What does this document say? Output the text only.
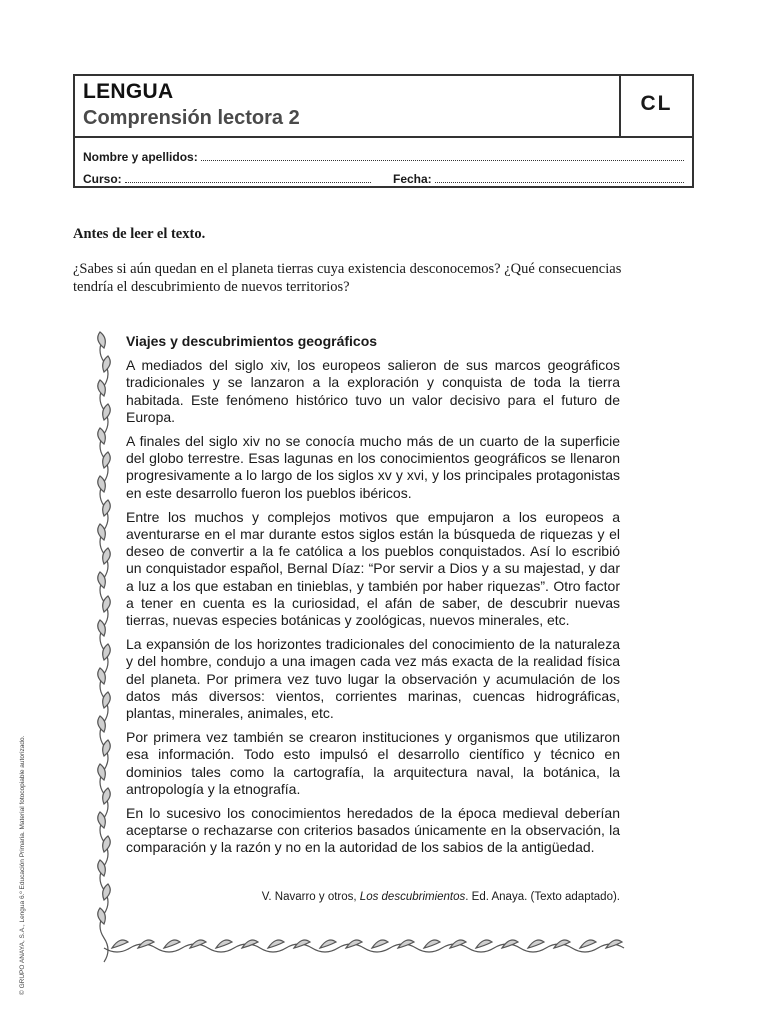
© GRUPO ANAYA, S.A., Lengua 6.º Educación Primaria. Material fotocopiable autorizado.
LENGUA
Comprensión lectora 2
CL
Nombre y apellidos:
Curso:	Fecha:
Antes de leer el texto.
¿Sabes si aún quedan en el planeta tierras cuya existencia desconocemos? ¿Qué consecuencias tendría el descubrimiento de nuevos territorios?
Viajes y descubrimientos geográficos

A mediados del siglo xiv, los europeos salieron de sus marcos geográficos tradicionales y se lanzaron a la exploración y conquista de toda la tierra habitada. Este fenómeno histórico tuvo un valor decisivo para el futuro de Europa.

A finales del siglo xiv no se conocía mucho más de un cuarto de la superficie del globo terrestre. Esas lagunas en los conocimientos geográficos se llenaron progresivamente a lo largo de los siglos xv y xvi, y los principales protagonistas en este desarrollo fueron los pueblos ibéricos.

Entre los muchos y complejos motivos que empujaron a los europeos a aventurarse en el mar durante estos siglos están la búsqueda de riquezas y el deseo de convertir a la fe católica a los pueblos conquistados. Así lo escribió un conquistador español, Bernal Díaz: “Por servir a Dios y a su majestad, y dar a luz a los que estaban en tinieblas, y también por haber riquezas”. Otro factor a tener en cuenta es la curiosidad, el afán de saber, de descubrir nuevas tierras, nuevas especies botánicas y zoológicas, nuevos minerales, etc.

La expansión de los horizontes tradicionales del conocimiento de la naturaleza y del hombre, condujo a una imagen cada vez más exacta de la realidad física del planeta. Por primera vez tuvo lugar la observación y acumulación de los datos más diversos: vientos, corrientes marinas, cuencas hidrográficas, plantas, minerales, animales, etc.

Por primera vez también se crearon instituciones y organismos que utilizaron esa información. Todo esto impulsó el desarrollo científico y técnico en dominios tales como la cartografía, la arquitectura naval, la botánica, la antropología y la etnografía.

En lo sucesivo los conocimientos heredados de la época medieval deberían aceptarse o rechazarse con criterios basados únicamente en la observación, la comparación y la razón y no en la autoridad de los sabios de la antigüedad.

V. Navarro y otros, Los descubrimientos. Ed. Anaya. (Texto adaptado).
